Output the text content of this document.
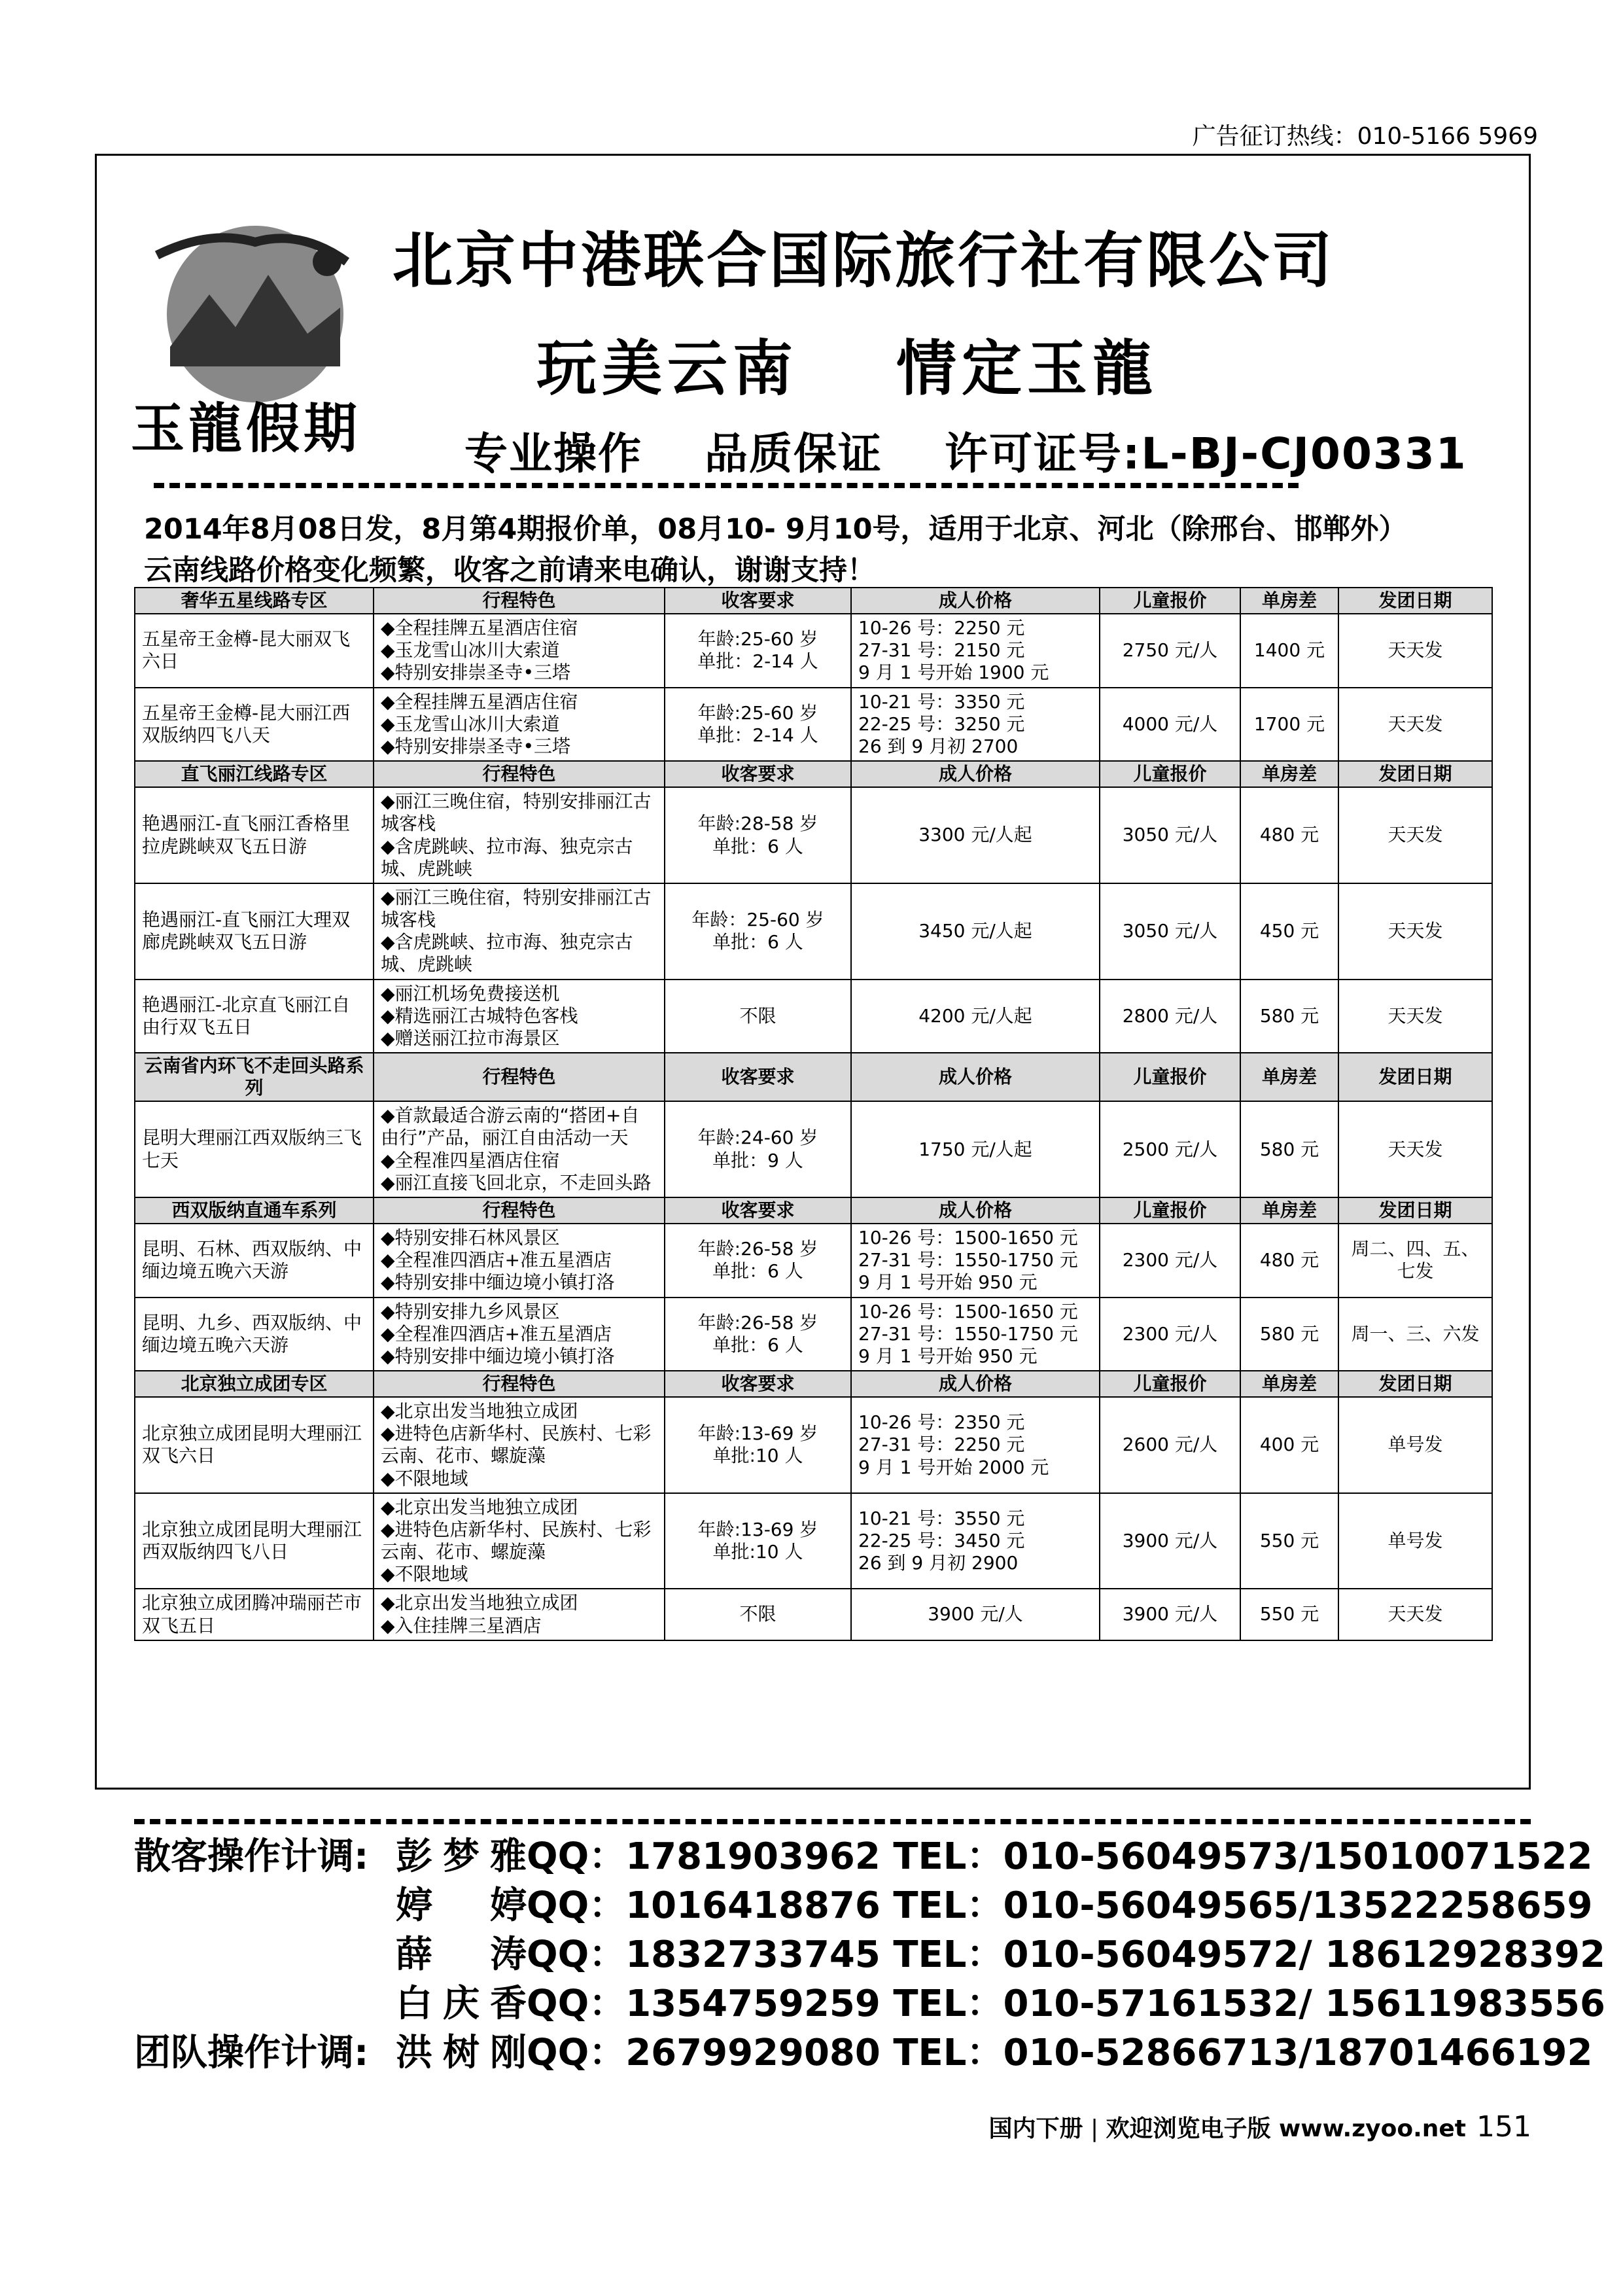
广告征订热线：010-5166 5969
玉龍假期
北京中港联合国际旅行社有限公司
玩美云南 情定玉龍
专业操作 品质保证 许可证号:L-BJ-CJ00331
2014年8月08日发，8月第4期报价单，08月10- 9月10号，适用于北京、河北（除邢台、邯郸外）
云南线路价格变化频繁，收客之前请来电确认，谢谢支持！
奢华五星线路专区	行程特色	收客要求	成人价格	儿童报价	单房差	发团日期
五星帝王金樽-昆大丽双飞六日	◆全程挂牌五星酒店住宿
◆玉龙雪山冰川大索道
◆特别安排崇圣寺•三塔	年龄:25-60 岁
单批：2-14 人	10-26 号：2250 元
27-31 号：2150 元
9 月 1 号开始 1900 元	2750 元/人	1400 元	天天发
五星帝王金樽-昆大丽江西双版纳四飞八天	◆全程挂牌五星酒店住宿
◆玉龙雪山冰川大索道
◆特别安排崇圣寺•三塔	年龄:25-60 岁
单批：2-14 人	10-21 号：3350 元
22-25 号：3250 元
26 到 9 月初 2700	4000 元/人	1700 元	天天发
直飞丽江线路专区	行程特色	收客要求	成人价格	儿童报价	单房差	发团日期
艳遇丽江-直飞丽江香格里拉虎跳峡双飞五日游	◆丽江三晚住宿，特别安排丽江古城客栈
◆含虎跳峡、拉市海、独克宗古城、虎跳峡	年龄:28-58 岁
单批：6 人	3300 元/人起	3050 元/人	480 元	天天发
艳遇丽江-直飞丽江大理双廊虎跳峡双飞五日游	◆丽江三晚住宿，特别安排丽江古城客栈
◆含虎跳峡、拉市海、独克宗古城、虎跳峡	年龄：25-60 岁
单批：6 人	3450 元/人起	3050 元/人	450 元	天天发
艳遇丽江-北京直飞丽江自由行双飞五日	◆丽江机场免费接送机
◆精选丽江古城特色客栈
◆赠送丽江拉市海景区	不限	4200 元/人起	2800 元/人	580 元	天天发
云南省内环飞不走回头路系列	行程特色	收客要求	成人价格	儿童报价	单房差	发团日期
昆明大理丽江西双版纳三飞七天	◆首款最适合游云南的“搭团+自由行”产品，丽江自由活动一天
◆全程准四星酒店住宿
◆丽江直接飞回北京，不走回头路	年龄:24-60 岁
单批：9 人	1750 元/人起	2500 元/人	580 元	天天发
西双版纳直通车系列	行程特色	收客要求	成人价格	儿童报价	单房差	发团日期
昆明、石林、西双版纳、中缅边境五晚六天游	◆特别安排石林风景区
◆全程准四酒店+准五星酒店
◆特别安排中缅边境小镇打洛	年龄:26-58 岁
单批：6 人	10-26 号：1500-1650 元
27-31 号：1550-1750 元
9 月 1 号开始 950 元	2300 元/人	480 元	周二、四、五、七发
昆明、九乡、西双版纳、中缅边境五晚六天游	◆特别安排九乡风景区
◆全程准四酒店+准五星酒店
◆特别安排中缅边境小镇打洛	年龄:26-58 岁
单批：6 人	10-26 号：1500-1650 元
27-31 号：1550-1750 元
9 月 1 号开始 950 元	2300 元/人	580 元	周一、三、六发
北京独立成团专区	行程特色	收客要求	成人价格	儿童报价	单房差	发团日期
北京独立成团昆明大理丽江双飞六日	◆北京出发当地独立成团
◆进特色店新华村、民族村、七彩云南、花市、螺旋藻
◆不限地域	年龄:13-69 岁
单批:10 人	10-26 号：2350 元
27-31 号：2250 元
9 月 1 号开始 2000 元	2600 元/人	400 元	单号发
北京独立成团昆明大理丽江西双版纳四飞八日	◆北京出发当地独立成团
◆进特色店新华村、民族村、七彩云南、花市、螺旋藻
◆不限地域	年龄:13-69 岁
单批:10 人	10-21 号：3550 元
22-25 号：3450 元
26 到 9 月初 2900	3900 元/人	550 元	单号发
北京独立成团腾冲瑞丽芒市双飞五日	◆北京出发当地独立成团
◆入住挂牌三星酒店	不限	3900 元/人	3900 元/人	550 元	天天发
散客操作计调: 彭梦雅QQ：1781903962 TEL：010-56049573/15010071522
婷婷QQ：1016418876 TEL：010-56049565/13522258659
薛涛QQ：1832733745 TEL：010-56049572/ 18612928392
白庆香QQ：1354759259 TEL：010-57161532/ 15611983556
团队操作计调: 洪树刚QQ：2679929080 TEL：010-52866713/18701466192
国内下册 | 欢迎浏览电子版 www.zyoo.net 151
